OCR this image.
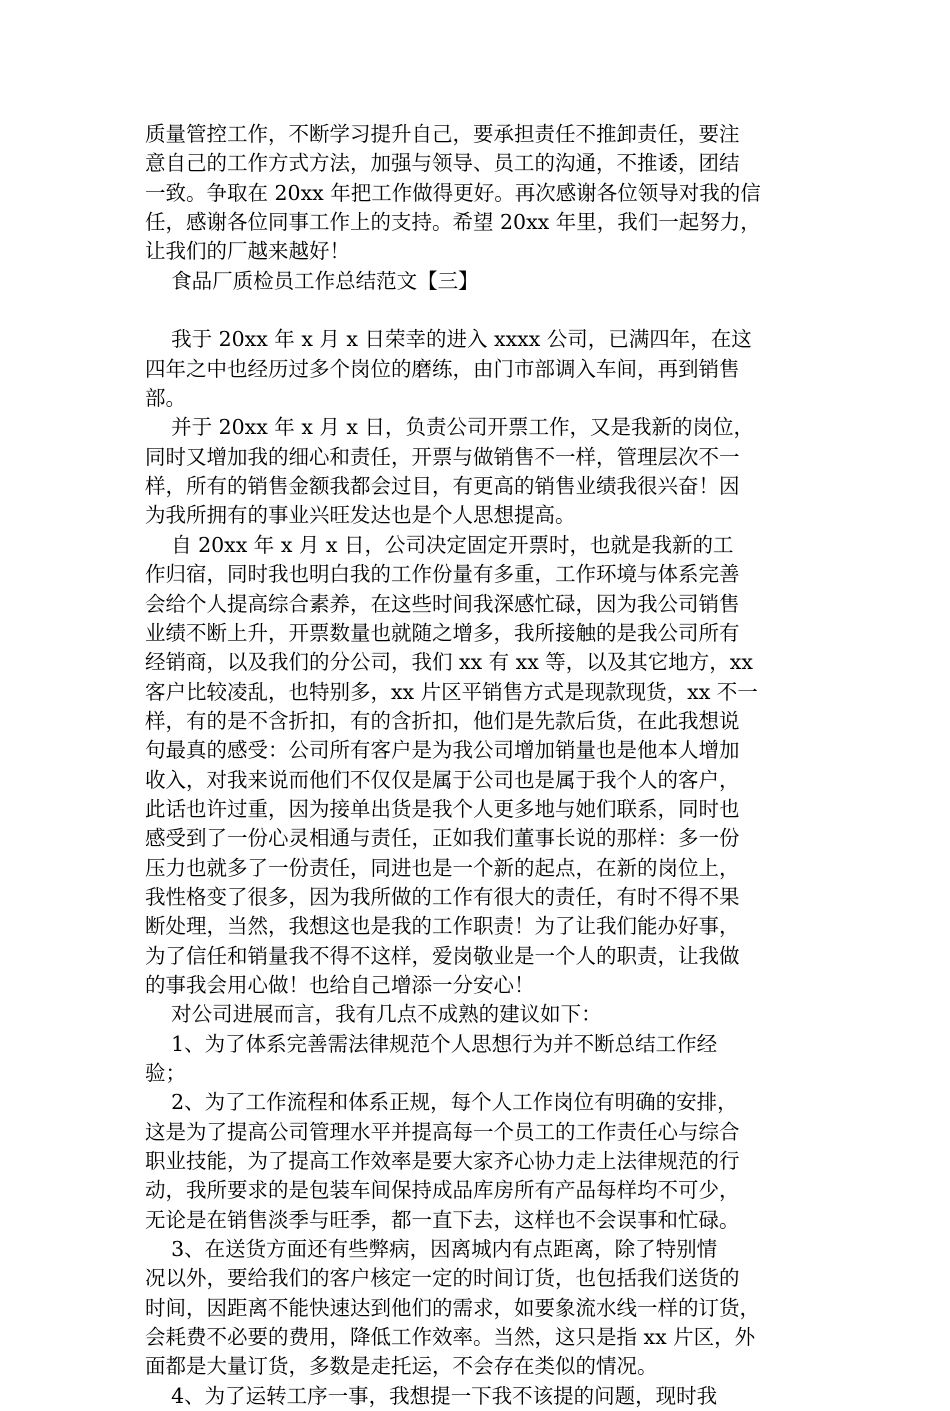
质量管控工作，不断学习提升自己，要承担责任不推卸责任，要注
意自己的工作方式方法，加强与领导、员工的沟通，不推诿，团结
一致。争取在 20xx 年把工作做得更好。再次感谢各位领导对我的信
任，感谢各位同事工作上的支持。希望 20xx 年里，我们一起努力，
让我们的厂越来越好！
食品厂质检员工作总结范文【三】
我于 20xx 年 x 月 x 日荣幸的进入 xxxx 公司，已满四年，在这
四年之中也经历过多个岗位的磨练，由门市部调入车间，再到销售
部。
并于 20xx 年 x 月 x 日，负责公司开票工作，又是我新的岗位，
同时又增加我的细心和责任，开票与做销售不一样，管理层次不一
样，所有的销售金额我都会过目，有更高的销售业绩我很兴奋！因
为我所拥有的事业兴旺发达也是个人思想提高。
自 20xx 年 x 月 x 日，公司决定固定开票时，也就是我新的工
作归宿，同时我也明白我的工作份量有多重，工作环境与体系完善
会给个人提高综合素养，在这些时间我深感忙碌，因为我公司销售
业绩不断上升，开票数量也就随之增多，我所接触的是我公司所有
经销商，以及我们的分公司，我们 xx 有 xx 等，以及其它地方，xx
客户比较凌乱，也特别多，xx 片区平销售方式是现款现货，xx 不一
样，有的是不含折扣，有的含折扣，他们是先款后货，在此我想说
句最真的感受：公司所有客户是为我公司增加销量也是他本人增加
收入，对我来说而他们不仅仅是属于公司也是属于我个人的客户，
此话也许过重，因为接单出货是我个人更多地与她们联系，同时也
感受到了一份心灵相通与责任，正如我们董事长说的那样：多一份
压力也就多了一份责任，同进也是一个新的起点，在新的岗位上，
我性格变了很多，因为我所做的工作有很大的责任，有时不得不果
断处理，当然，我想这也是我的工作职责！为了让我们能办好事，
为了信任和销量我不得不这样，爱岗敬业是一个人的职责，让我做
的事我会用心做！也给自己增添一分安心！
对公司进展而言，我有几点不成熟的建议如下：
1、为了体系完善需法律规范个人思想行为并不断总结工作经
验；
2、为了工作流程和体系正规，每个人工作岗位有明确的安排，
这是为了提高公司管理水平并提高每一个员工的工作责任心与综合
职业技能，为了提高工作效率是要大家齐心协力走上法律规范的行
动，我所要求的是包装车间保持成品库房所有产品每样均不可少，
无论是在销售淡季与旺季，都一直下去，这样也不会误事和忙碌。
3、在送货方面还有些弊病，因离城内有点距离，除了特别情
况以外，要给我们的客户核定一定的时间订货，也包括我们送货的
时间，因距离不能快速达到他们的需求，如要象流水线一样的订货，
会耗费不必要的费用，降低工作效率。当然，这只是指 xx 片区，外
面都是大量订货，多数是走托运，不会存在类似的情况。
4、为了运转工序一事，我想提一下我不该提的问题，现时我
